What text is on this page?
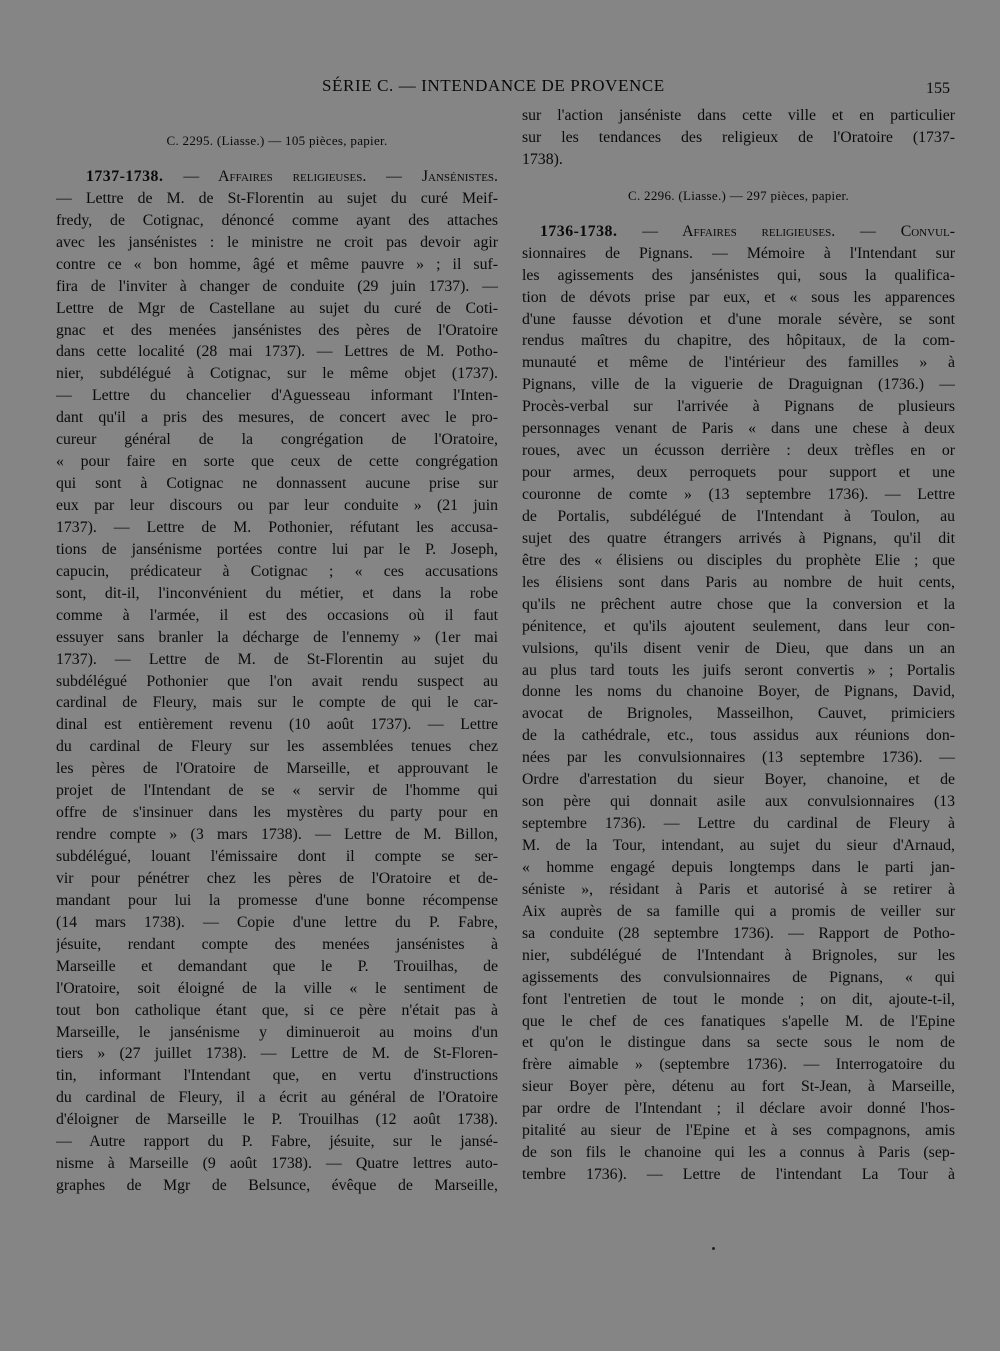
SÉRIE C. — INTENDANCE DE PROVENCE	155
C. 2295. (Liasse.) — 105 pièces, papier.
1737-1738. — Affaires religieuses. — Jansénistes.
— Lettre de M. de St-Florentin au sujet du curé Meif-
fredy, de Cotignac, dénoncé comme ayant des attaches
avec les jansénistes : le ministre ne croit pas devoir agir
contre ce « bon homme, âgé et même pauvre » ; il suf-
fira de l'inviter à changer de conduite (29 juin 1737). —
Lettre de Mgr de Castellane au sujet du curé de Coti-
gnac et des menées jansénistes des pères de l'Oratoire
dans cette localité (28 mai 1737). — Lettres de M. Potho-
nier, subdélégué à Cotignac, sur le même objet (1737).
— Lettre du chancelier d'Aguesseau informant l'Inten-
dant qu'il a pris des mesures, de concert avec le pro-
cureur général de la congrégation de l'Oratoire,
« pour faire en sorte que ceux de cette congrégation
qui sont à Cotignac ne donnassent aucune prise sur
eux par leur discours ou par leur conduite » (21 juin
1737). — Lettre de M. Pothonier, réfutant les accusa-
tions de jansénisme portées contre lui par le P. Joseph,
capucin, prédicateur à Cotignac ; « ces accusations
sont, dit-il, l'inconvénient du métier, et dans la robe
comme à l'armée, il est des occasions où il faut
essuyer sans branler la décharge de l'ennemy » (1er mai
1737). — Lettre de M. de St-Florentin au sujet du
subdélégué Pothonier que l'on avait rendu suspect au
cardinal de Fleury, mais sur le compte de qui le car-
dinal est entièrement revenu (10 août 1737). — Lettre
du cardinal de Fleury sur les assemblées tenues chez
les pères de l'Oratoire de Marseille, et approuvant le
projet de l'Intendant de se « servir de l'homme qui
offre de s'insinuer dans les mystères du party pour en
rendre compte » (3 mars 1738). — Lettre de M. Billon,
subdélégué, louant l'émissaire dont il compte se ser-
vir pour pénétrer chez les pères de l'Oratoire et de-
mandant pour lui la promesse d'une bonne récompense
(14 mars 1738). — Copie d'une lettre du P. Fabre,
jésuite, rendant compte des menées jansénistes à
Marseille et demandant que le P. Trouilhas, de
l'Oratoire, soit éloigné de la ville « le sentiment de
tout bon catholique étant que, si ce père n'était pas à
Marseille, le jansénisme y diminueroit au moins d'un
tiers » (27 juillet 1738). — Lettre de M. de St-Floren-
tin, informant l'Intendant que, en vertu d'instructions
du cardinal de Fleury, il a écrit au général de l'Oratoire
d'éloigner de Marseille le P. Trouilhas (12 août 1738).
— Autre rapport du P. Fabre, jésuite, sur le jansé-
nisme à Marseille (9 août 1738). — Quatre lettres auto-
graphes de Mgr de Belsunce, évêque de Marseille,
sur l'action janséniste dans cette ville et en particulier
sur les tendances des religieux de l'Oratoire (1737-
1738).
C. 2296. (Liasse.) — 297 pièces, papier.
1736-1738. — Affaires religieuses. — Convul-
sionnaires de Pignans. — Mémoire à l'Intendant sur
les agissements des jansénistes qui, sous la qualifica-
tion de dévots prise par eux, et « sous les apparences
d'une fausse dévotion et d'une morale sévère, se sont
rendus maîtres du chapitre, des hôpitaux, de la com-
munauté et même de l'intérieur des familles » à
Pignans, ville de la viguerie de Draguignan (1736.) —
Procès-verbal sur l'arrivée à Pignans de plusieurs
personnages venant de Paris « dans une chese à deux
roues, avec un écusson derrière : deux trèfles en or
pour armes, deux perroquets pour support et une
couronne de comte » (13 septembre 1736). — Lettre
de Portalis, subdélégué de l'Intendant à Toulon, au
sujet des quatre étrangers arrivés à Pignans, qu'il dit
être des « élisiens ou disciples du prophète Elie ; que
les élisiens sont dans Paris au nombre de huit cents,
qu'ils ne prêchent autre chose que la conversion et la
pénitence, et qu'ils ajoutent seulement, dans leur con-
vulsions, qu'ils disent venir de Dieu, que dans un an
au plus tard touts les juifs seront convertis » ; Portalis
donne les noms du chanoine Boyer, de Pignans, David,
avocat de Brignoles, Masseilhon, Cauvet, primiciers
de la cathédrale, etc., tous assidus aux réunions don-
nées par les convulsionnaires (13 septembre 1736). —
Ordre d'arrestation du sieur Boyer, chanoine, et de
son père qui donnait asile aux convulsionnaires (13
septembre 1736). — Lettre du cardinal de Fleury à
M. de la Tour, intendant, au sujet du sieur d'Arnaud,
« homme engagé depuis longtemps dans le parti jan-
séniste », résidant à Paris et autorisé à se retirer à
Aix auprès de sa famille qui a promis de veiller sur
sa conduite (28 septembre 1736). — Rapport de Potho-
nier, subdélégué de l'Intendant à Brignoles, sur les
agissements des convulsionnaires de Pignans, « qui
font l'entretien de tout le monde ; on dit, ajoute-t-il,
que le chef de ces fanatiques s'apelle M. de l'Epine
et qu'on le distingue dans sa secte sous le nom de
frère aimable » (septembre 1736). — Interrogatoire du
sieur Boyer père, détenu au fort St-Jean, à Marseille,
par ordre de l'Intendant ; il déclare avoir donné l'hos-
pitalité au sieur de l'Epine et à ses compagnons, amis
de son fils le chanoine qui les a connus à Paris (sep-
tembre 1736). — Lettre de l'intendant La Tour à
